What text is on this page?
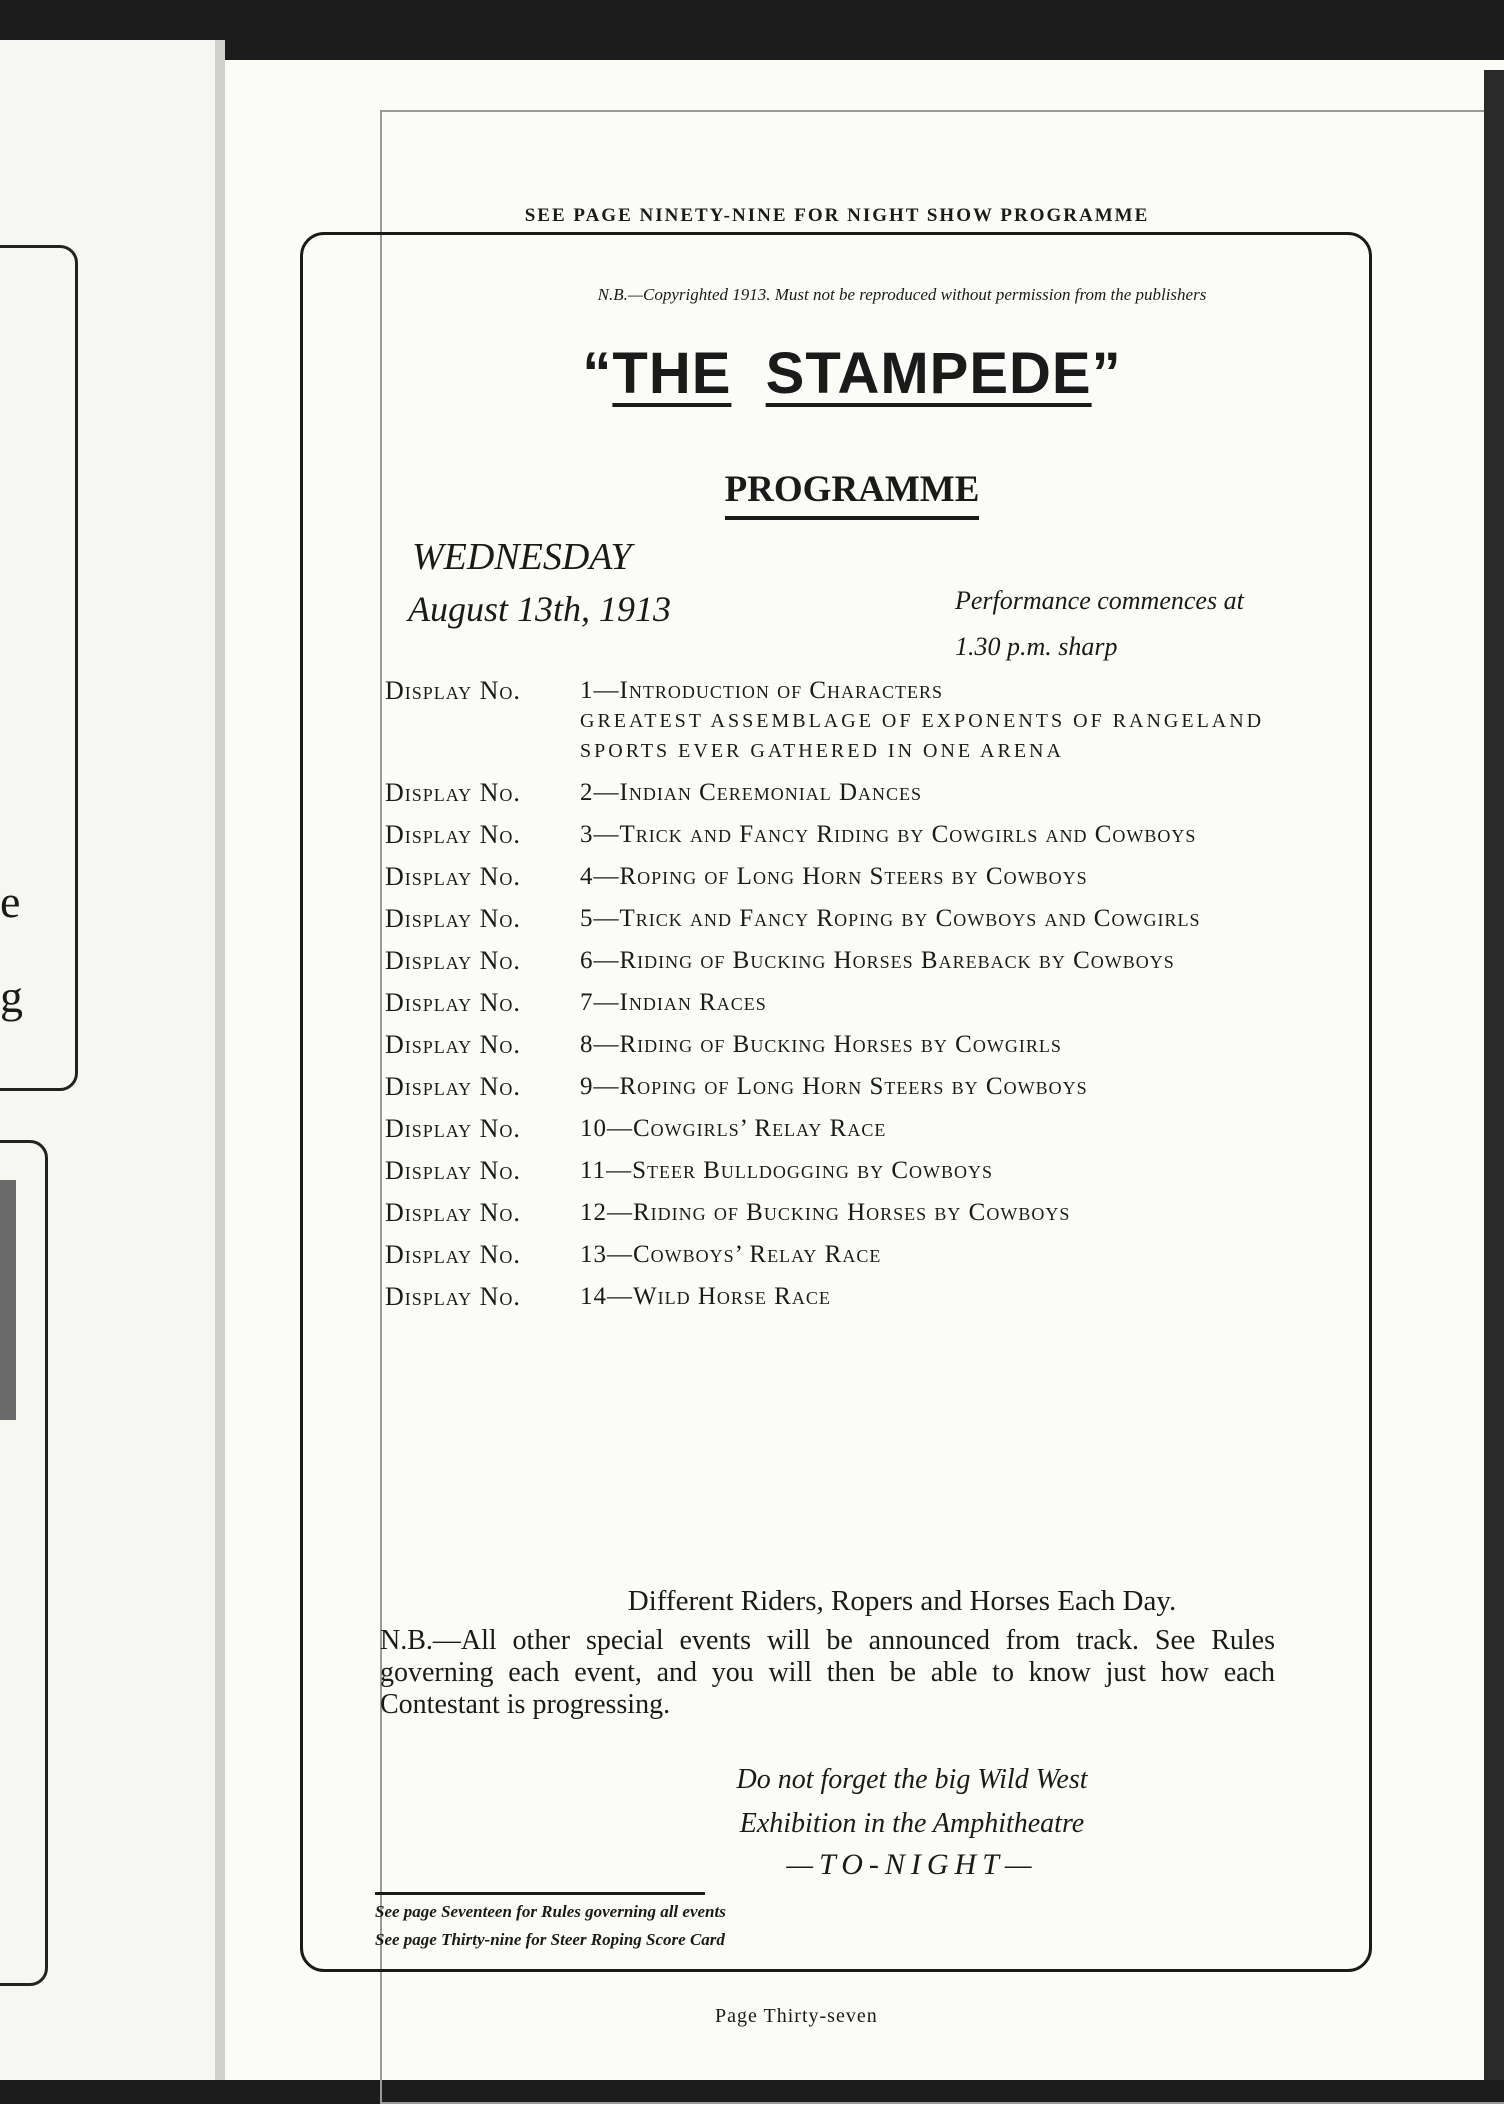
e
g
SEE PAGE NINETY-NINE FOR NIGHT SHOW PROGRAMME
N.B.—Copyrighted 1913. Must not be reproduced without permission from the publishers
“THE STAMPEDE”
PROGRAMME
WEDNESDAY
August 13th, 1913	Performance commences at
1.30 p.m. sharp
Display No.	1—Introduction of Characters
GREATEST ASSEMBLAGE OF EXPONENTS OF RANGELAND SPORTS EVER GATHERED IN ONE ARENA
Display No.	2—Indian Ceremonial Dances
Display No.	3—Trick and Fancy Riding by Cowgirls and Cowboys
Display No.	4—Roping of Long Horn Steers by Cowboys
Display No.	5—Trick and Fancy Roping by Cowboys and Cowgirls
Display No.	6—Riding of Bucking Horses Bareback by Cowboys
Display No.	7—Indian Races
Display No.	8—Riding of Bucking Horses by Cowgirls
Display No.	9—Roping of Long Horn Steers by Cowboys
Display No.	10—Cowgirls’ Relay Race
Display No.	11—Steer Bulldogging by Cowboys
Display No.	12—Riding of Bucking Horses by Cowboys
Display No.	13—Cowboys’ Relay Race
Display No.	14—Wild Horse Race
Different Riders, Ropers and Horses Each Day.
N.B.—All other special events will be announced from track. See Rules governing each event, and you will then be able to know just how each Contestant is progressing.
Do not forget the big Wild West
Exhibition in the Amphitheatre
—TO-NIGHT—
See page Seventeen for Rules governing all events
See page Thirty-nine for Steer Roping Score Card
Page Thirty-seven
